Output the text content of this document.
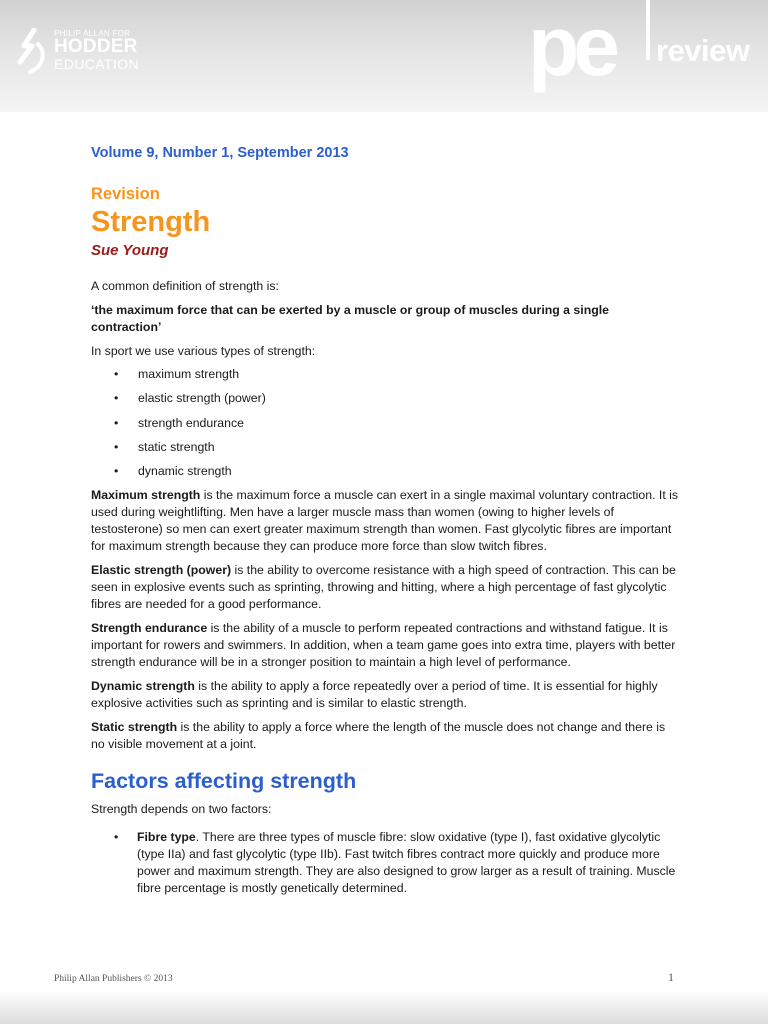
PHILIP ALLAN FOR
HODDER
EDUCATION	pe review
Volume 9, Number 1, September 2013
Revision
Strength
Sue Young

A common definition of strength is:

‘the maximum force that can be exerted by a muscle or group of muscles during a single contraction’

In sport we use various types of strength:

• maximum strength
• elastic strength (power)
• strength endurance
• static strength
• dynamic strength

Maximum strength is the maximum force a muscle can exert in a single maximal voluntary contraction. It is used during weightlifting. Men have a larger muscle mass than women (owing to higher levels of testosterone) so men can exert greater maximum strength than women. Fast glycolytic fibres are important for maximum strength because they can produce more force than slow twitch fibres.

Elastic strength (power) is the ability to overcome resistance with a high speed of contraction. This can be seen in explosive events such as sprinting, throwing and hitting, where a high percentage of fast glycolytic fibres are needed for a good performance.

Strength endurance is the ability of a muscle to perform repeated contractions and withstand fatigue. It is important for rowers and swimmers. In addition, when a team game goes into extra time, players with better strength endurance will be in a stronger position to maintain a high level of performance.

Dynamic strength is the ability to apply a force repeatedly over a period of time. It is essential for highly explosive activities such as sprinting and is similar to elastic strength.

Static strength is the ability to apply a force where the length of the muscle does not change and there is no visible movement at a joint.

Factors affecting strength

Strength depends on two factors:

• Fibre type. There are three types of muscle fibre: slow oxidative (type I), fast oxidative glycolytic (type IIa) and fast glycolytic (type IIb). Fast twitch fibres contract more quickly and produce more power and maximum strength. They are also designed to grow larger as a result of training. Muscle fibre percentage is mostly genetically determined.
Philip Allan Publishers © 2013	1
